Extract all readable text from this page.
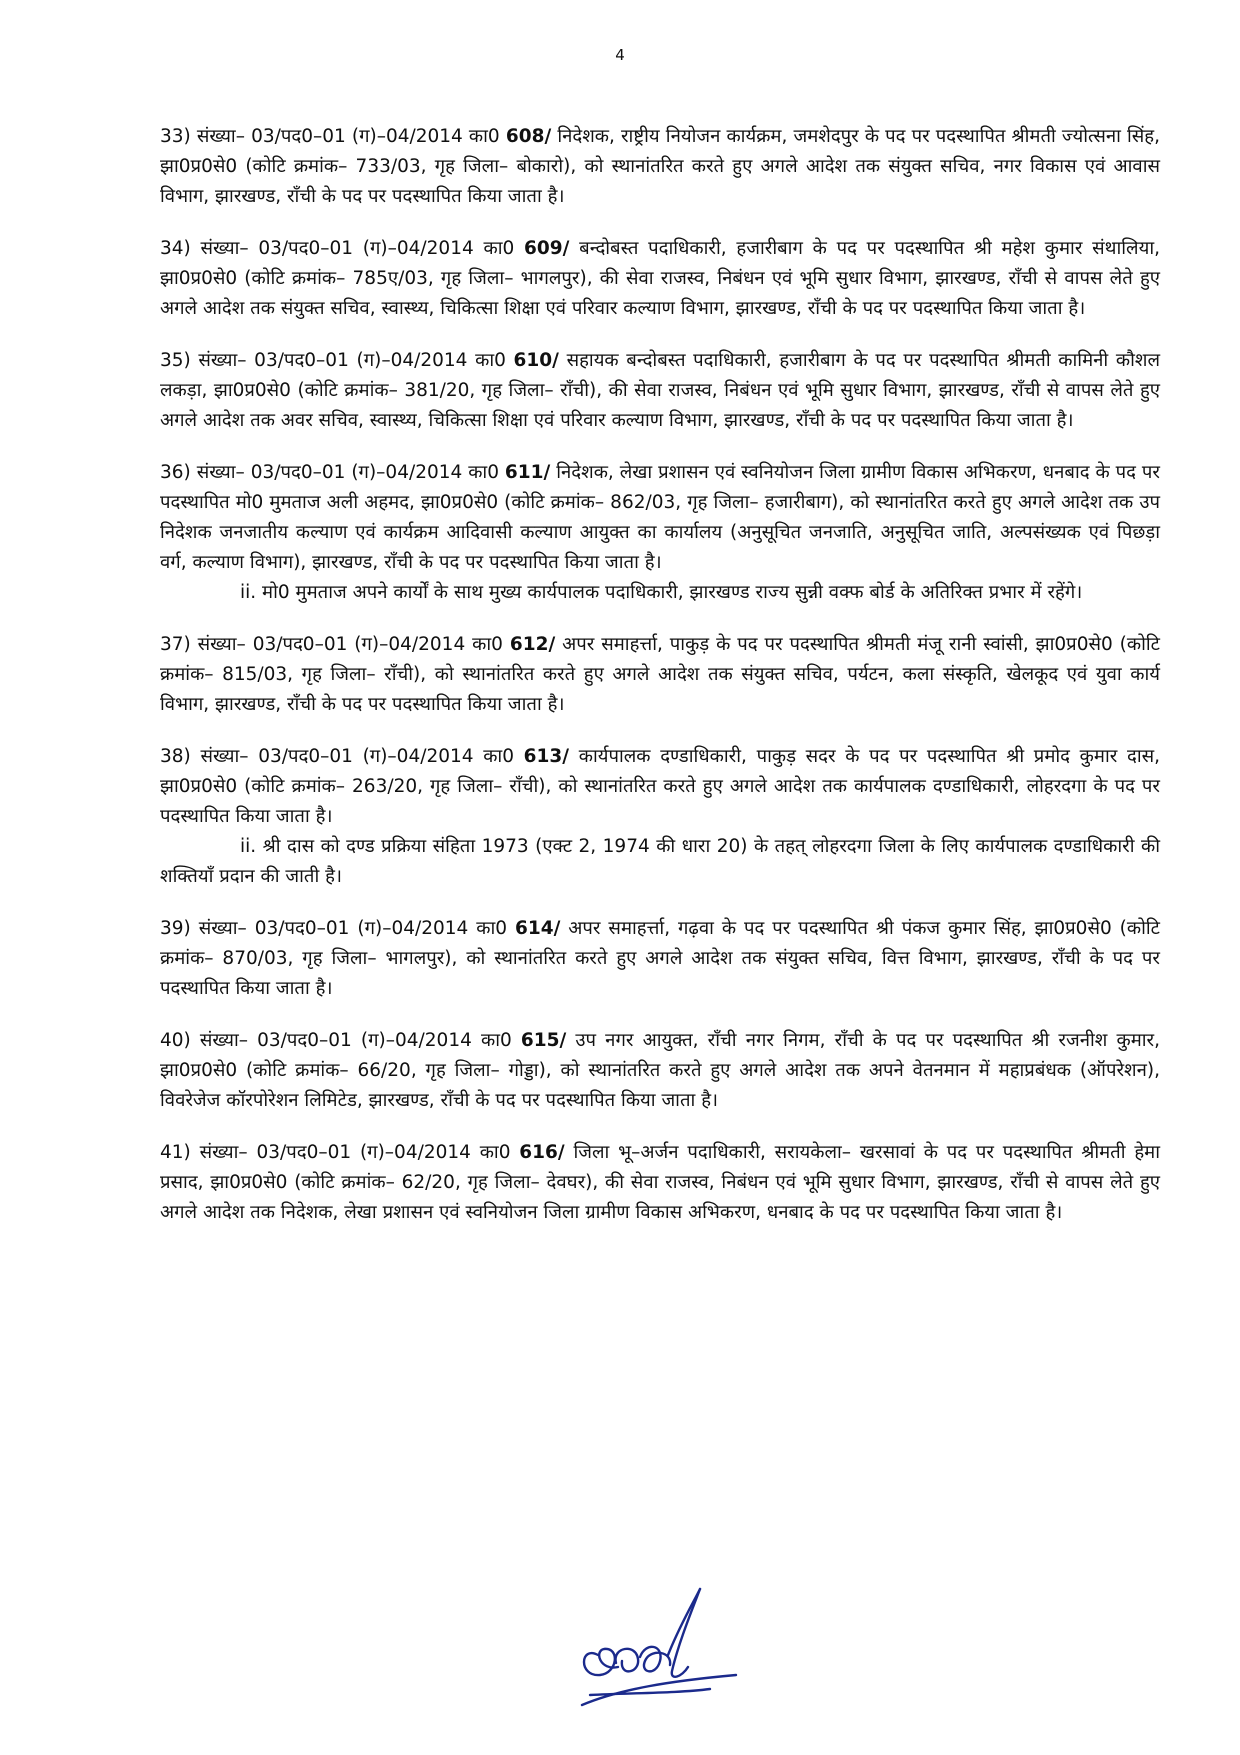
4

33) संख्या– 03/पद0–01 (ग)–04/2014 का0 608/ निदेशक, राष्ट्रीय नियोजन कार्यक्रम, जमशेदपुर के पद पर पदस्थापित श्रीमती ज्योत्सना सिंह, झा0प्र0से0 (कोटि क्रमांक– 733/03, गृह जिला– बोकारो), को स्थानांतरित करते हुए अगले आदेश तक संयुक्त सचिव, नगर विकास एवं आवास विभाग, झारखण्ड, राँची के पद पर पदस्थापित किया जाता है।

34) संख्या– 03/पद0–01 (ग)–04/2014 का0 609/ बन्दोबस्त पदाधिकारी, हजारीबाग के पद पर पदस्थापित श्री महेश कुमार संथालिया, झा0प्र0से0 (कोटि क्रमांक– 785ए/03, गृह जिला– भागलपुर), की सेवा राजस्व, निबंधन एवं भूमि सुधार विभाग, झारखण्ड, राँची से वापस लेते हुए अगले आदेश तक संयुक्त सचिव, स्वास्थ्य, चिकित्सा शिक्षा एवं परिवार कल्याण विभाग, झारखण्ड, राँची के पद पर पदस्थापित किया जाता है।

35) संख्या– 03/पद0–01 (ग)–04/2014 का0 610/ सहायक बन्दोबस्त पदाधिकारी, हजारीबाग के पद पर पदस्थापित श्रीमती कामिनी कौशल लकड़ा, झा0प्र0से0 (कोटि क्रमांक– 381/20, गृह जिला– राँची), की सेवा राजस्व, निबंधन एवं भूमि सुधार विभाग, झारखण्ड, राँची से वापस लेते हुए अगले आदेश तक अवर सचिव, स्वास्थ्य, चिकित्सा शिक्षा एवं परिवार कल्याण विभाग, झारखण्ड, राँची के पद पर पदस्थापित किया जाता है।

36) संख्या– 03/पद0–01 (ग)–04/2014 का0 611/ निदेशक, लेखा प्रशासन एवं स्वनियोजन जिला ग्रामीण विकास अभिकरण, धनबाद के पद पर पदस्थापित मो0 मुमताज अली अहमद, झा0प्र0से0 (कोटि क्रमांक– 862/03, गृह जिला– हजारीबाग), को स्थानांतरित करते हुए अगले आदेश तक उप निदेशक जनजातीय कल्याण एवं कार्यक्रम आदिवासी कल्याण आयुक्त का कार्यालय (अनुसूचित जनजाति, अनुसूचित जाति, अल्पसंख्यक एवं पिछड़ा वर्ग, कल्याण विभाग), झारखण्ड, राँची के पद पर पदस्थापित किया जाता है।
ii. मो0 मुमताज अपने कार्यों के साथ मुख्य कार्यपालक पदाधिकारी, झारखण्ड राज्य सुन्नी वक्फ बोर्ड के अतिरिक्त प्रभार में रहेंगे।

37) संख्या– 03/पद0–01 (ग)–04/2014 का0 612/ अपर समाहर्त्ता, पाकुड़ के पद पर पदस्थापित श्रीमती मंजू रानी स्वांसी, झा0प्र0से0 (कोटि क्रमांक– 815/03, गृह जिला– राँची), को स्थानांतरित करते हुए अगले आदेश तक संयुक्त सचिव, पर्यटन, कला संस्कृति, खेलकूद एवं युवा कार्य विभाग, झारखण्ड, राँची के पद पर पदस्थापित किया जाता है।

38) संख्या– 03/पद0–01 (ग)–04/2014 का0 613/ कार्यपालक दण्डाधिकारी, पाकुड़ सदर के पद पर पदस्थापित श्री प्रमोद कुमार दास, झा0प्र0से0 (कोटि क्रमांक– 263/20, गृह जिला– राँची), को स्थानांतरित करते हुए अगले आदेश तक कार्यपालक दण्डाधिकारी, लोहरदगा के पद पर पदस्थापित किया जाता है।
ii. श्री दास को दण्ड प्रक्रिया संहिता 1973 (एक्ट 2, 1974 की धारा 20) के तहत् लोहरदगा जिला के लिए कार्यपालक दण्डाधिकारी की शक्तियाँ प्रदान की जाती है।

39) संख्या– 03/पद0–01 (ग)–04/2014 का0 614/ अपर समाहर्त्ता, गढ़वा के पद पर पदस्थापित श्री पंकज कुमार सिंह, झा0प्र0से0 (कोटि क्रमांक– 870/03, गृह जिला– भागलपुर), को स्थानांतरित करते हुए अगले आदेश तक संयुक्त सचिव, वित्त विभाग, झारखण्ड, राँची के पद पर पदस्थापित किया जाता है।

40) संख्या– 03/पद0–01 (ग)–04/2014 का0 615/ उप नगर आयुक्त, राँची नगर निगम, राँची के पद पर पदस्थापित श्री रजनीश कुमार, झा0प्र0से0 (कोटि क्रमांक– 66/20, गृह जिला– गोड्डा), को स्थानांतरित करते हुए अगले आदेश तक अपने वेतनमान में महाप्रबंधक (ऑपरेशन), विवरेजेज कॉरपोरेशन लिमिटेड, झारखण्ड, राँची के पद पर पदस्थापित किया जाता है।

41) संख्या– 03/पद0–01 (ग)–04/2014 का0 616/ जिला भू–अर्जन पदाधिकारी, सरायकेला– खरसावां के पद पर पदस्थापित श्रीमती हेमा प्रसाद, झा0प्र0से0 (कोटि क्रमांक– 62/20, गृह जिला– देवघर), की सेवा राजस्व, निबंधन एवं भूमि सुधार विभाग, झारखण्ड, राँची से वापस लेते हुए अगले आदेश तक निदेशक, लेखा प्रशासन एवं स्वनियोजन जिला ग्रामीण विकास अभिकरण, धनबाद के पद पर पदस्थापित किया जाता है।
